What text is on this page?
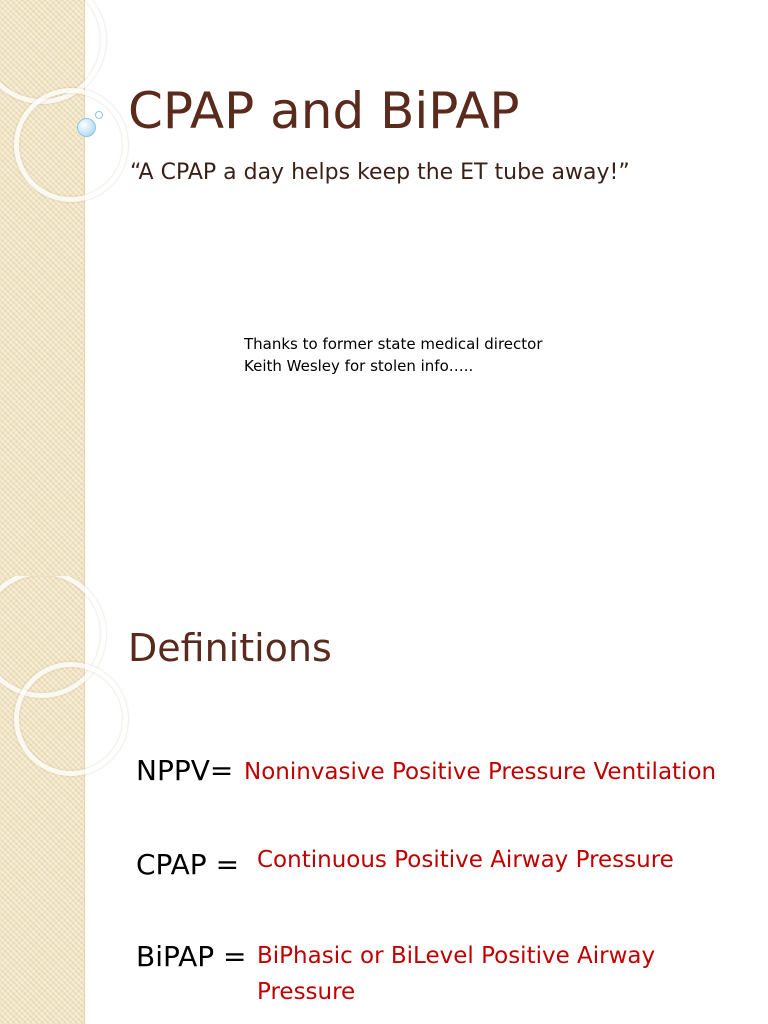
CPAP and BiPAP
“A CPAP a day helps keep the ET tube away!”
Thanks to former state medical director
Keith Wesley for stolen info…..
Definitions
NPPV= Noninvasive Positive Pressure Ventilation
CPAP = Continuous Positive Airway Pressure
BiPAP = BiPhasic or BiLevel Positive Airway
Pressure
